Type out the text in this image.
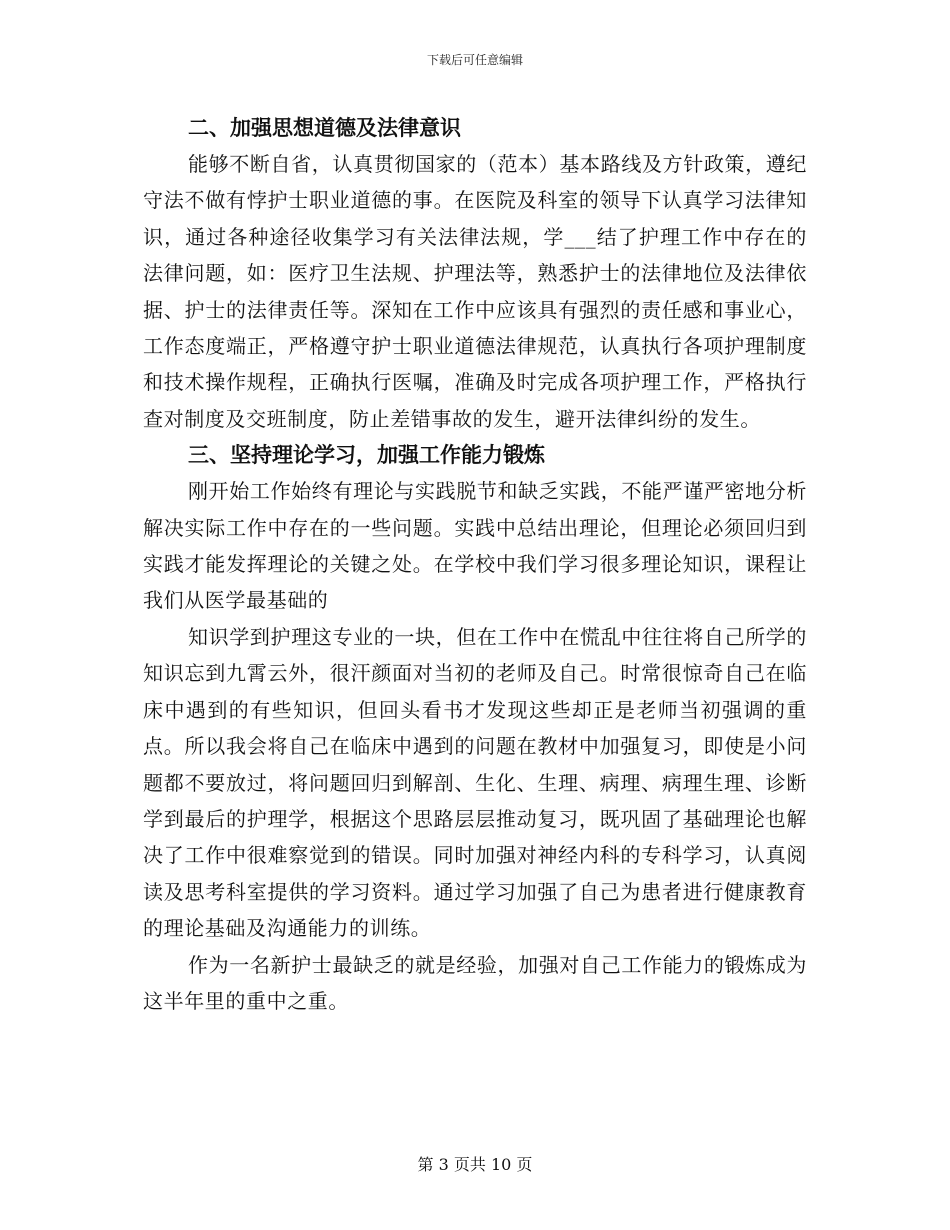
下载后可任意编辑
二、加强思想道德及法律意识

能够不断自省，认真贯彻国家的（范本）基本路线及方针政策，遵纪守法不做有悖护士职业道德的事。在医院及科室的领导下认真学习法律知识，通过各种途径收集学习有关法律法规，学___结了护理工作中存在的法律问题，如：医疗卫生法规、护理法等，熟悉护士的法律地位及法律依据、护士的法律责任等。深知在工作中应该具有强烈的责任感和事业心，工作态度端正，严格遵守护士职业道德法律规范，认真执行各项护理制度和技术操作规程，正确执行医嘱，准确及时完成各项护理工作，严格执行查对制度及交班制度，防止差错事故的发生，避开法律纠纷的发生。

三、坚持理论学习，加强工作能力锻炼

刚开始工作始终有理论与实践脱节和缺乏实践，不能严谨严密地分析解决实际工作中存在的一些问题。实践中总结出理论，但理论必须回归到实践才能发挥理论的关键之处。在学校中我们学习很多理论知识，课程让我们从医学最基础的

知识学到护理这专业的一块，但在工作中在慌乱中往往将自己所学的知识忘到九霄云外，很汗颜面对当初的老师及自己。时常很惊奇自己在临床中遇到的有些知识，但回头看书才发现这些却正是老师当初强调的重点。所以我会将自己在临床中遇到的问题在教材中加强复习，即使是小问题都不要放过，将问题回归到解剖、生化、生理、病理、病理生理、诊断学到最后的护理学，根据这个思路层层推动复习，既巩固了基础理论也解决了工作中很难察觉到的错误。同时加强对神经内科的专科学习，认真阅读及思考科室提供的学习资料。通过学习加强了自己为患者进行健康教育的理论基础及沟通能力的训练。

作为一名新护士最缺乏的就是经验，加强对自己工作能力的锻炼成为这半年里的重中之重。

第 3 页共 10 页
